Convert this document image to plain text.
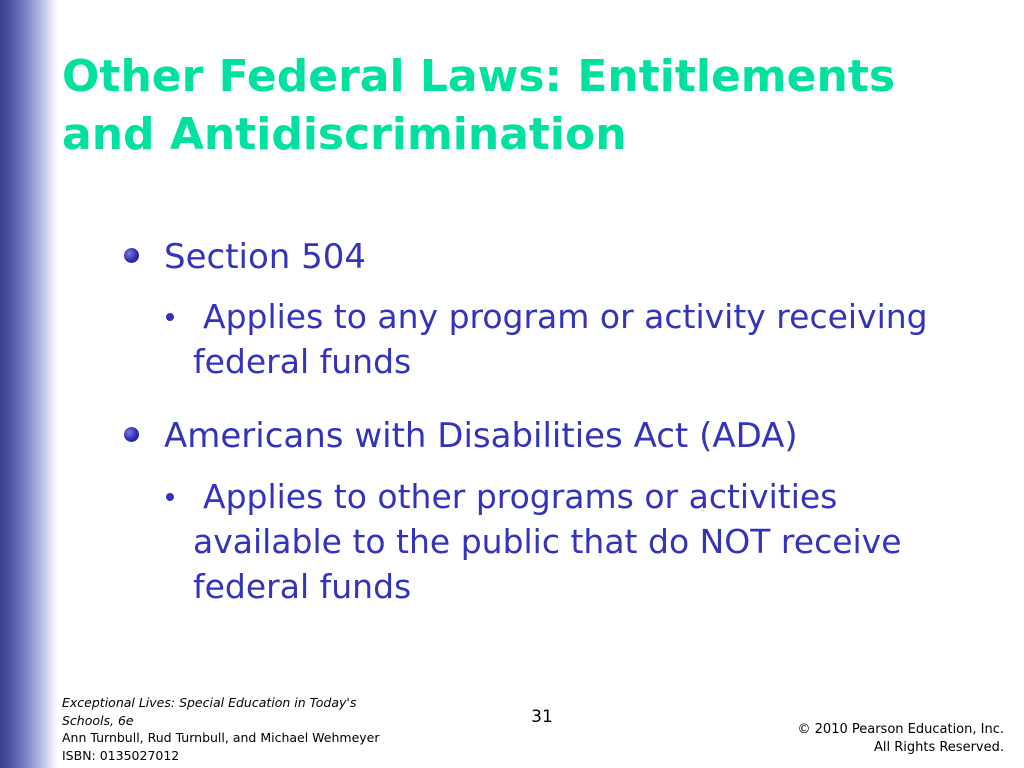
Other Federal Laws: Entitlements
and Antidiscrimination
Section 504
Applies to any program or activity receiving
federal funds
Americans with Disabilities Act (ADA)
Applies to other programs or activities
available to the public that do NOT receive
federal funds
Exceptional Lives: Special Education in Today's
Schools, 6e
Ann Turnbull, Rud Turnbull, and Michael Wehmeyer
ISBN: 0135027012
31
© 2010 Pearson Education, Inc.
All Rights Reserved.
